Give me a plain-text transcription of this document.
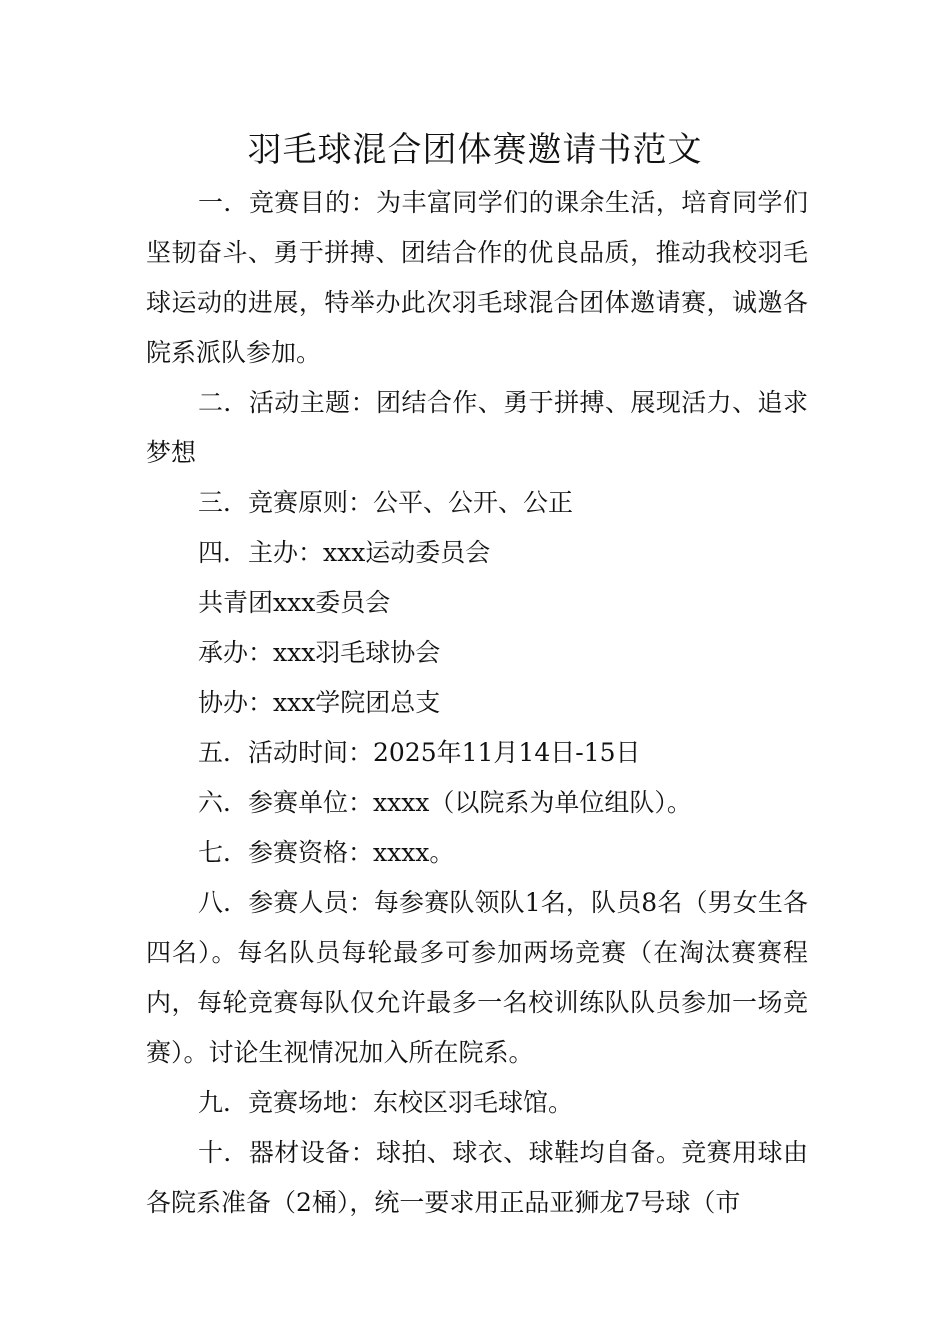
羽毛球混合团体赛邀请书范文

一．竞赛目的：为丰富同学们的课余生活，培育同学们坚韧奋斗、勇于拼搏、团结合作的优良品质，推动我校羽毛球运动的进展，特举办此次羽毛球混合团体邀请赛，诚邀各院系派队参加。

二．活动主题：团结合作、勇于拼搏、展现活力、追求梦想

三．竞赛原则：公平、公开、公正

四．主办：xxx运动委员会

共青团xxx委员会

承办：xxx羽毛球协会

协办：xxx学院团总支

五．活动时间：2025年11月14日-15日

六．参赛单位：xxxx（以院系为单位组队）。

七．参赛资格：xxxx。

八．参赛人员：每参赛队领队1名，队员8名（男女生各四名）。每名队员每轮最多可参加两场竞赛（在淘汰赛赛程内，每轮竞赛每队仅允许最多一名校训练队队员参加一场竞赛）。讨论生视情况加入所在院系。

九．竞赛场地：东校区羽毛球馆。

十．器材设备：球拍、球衣、球鞋均自备。竞赛用球由各院系准备（2桶），统一要求用正品亚狮龙7号球（市
